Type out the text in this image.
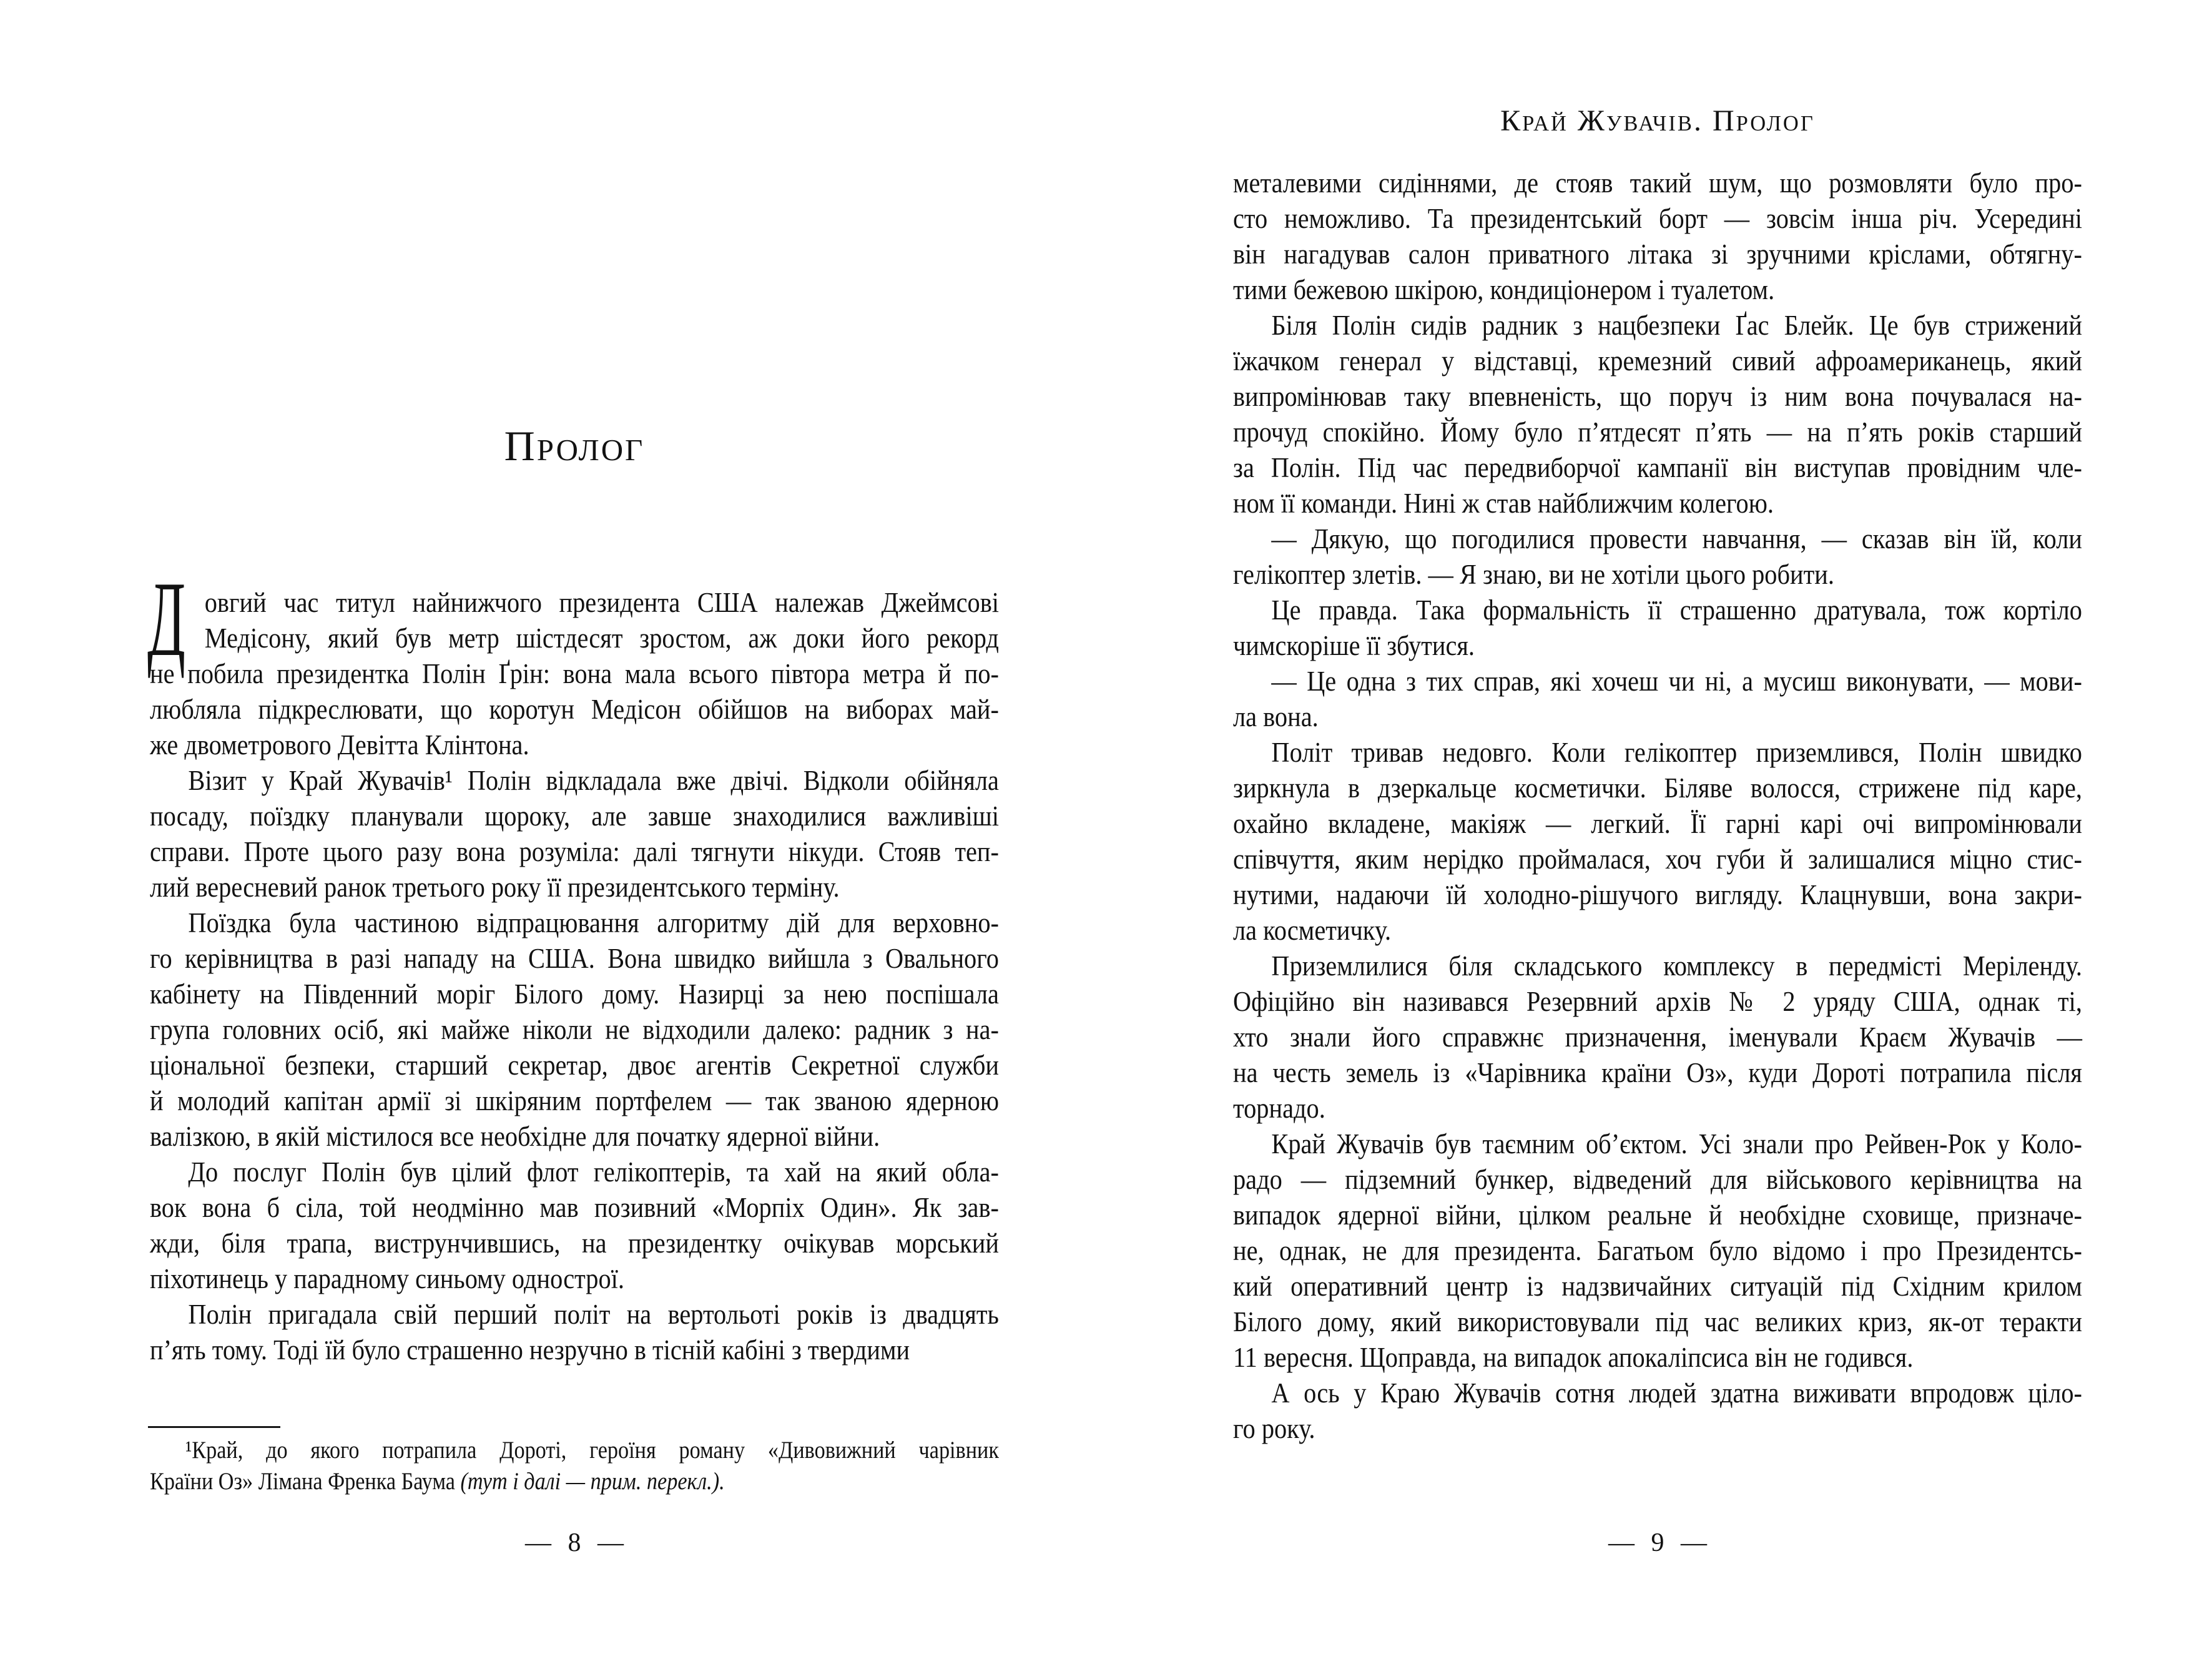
ПРОЛОГ
Д овгий час титул найнижчого президента США належав Джеймсові
Медісону, який був метр шістдесят зростом, аж доки його рекорд
не побила президентка Полін Ґрін: вона мала всього півтора метра й по-
любляла підкреслювати, що коротун Медісон обійшов на виборах май-
же двометрового Девітта Клінтона.
Візит у Край Жувачів¹ Полін відкладала вже двічі. Відколи обійняла
посаду, поїздку планували щороку, але завше знаходилися важливіші
справи. Проте цього разу вона розуміла: далі тягнути нікуди. Стояв теп-
лий вересневий ранок третього року її президентського терміну.
Поїздка була частиною відпрацювання алгоритму дій для верховно-
го керівництва в разі нападу на США. Вона швидко вийшла з Овального
кабінету на Південний моріг Білого дому. Назирці за нею поспішала
група головних осіб, які майже ніколи не відходили далеко: радник з на-
ціональної безпеки, старший секретар, двоє агентів Секретної служби
й молодий капітан армії зі шкіряним портфелем — так званою ядерною
валізкою, в якій містилося все необхідне для початку ядерної війни.
До послуг Полін був цілий флот гелікоптерів, та хай на який обла-
вок вона б сіла, той неодмінно мав позивний «Морпіх Один». Як зав-
жди, біля трапа, виструнчившись, на президентку очікував морський
піхотинець у парадному синьому однострої.
Полін пригадала свій перший політ на вертольоті років із двадцять
п’ять тому. Тоді їй було страшенно незручно в тісній кабіні з твердими
¹Край, до якого потрапила Дороті, героїня роману «Дивовижний чарівник
Країни Оз» Лімана Френка Баума (тут і далі — прим. перекл.).
— 8 —
КРАЙ ЖУВАЧІВ. ПРОЛОГ
металевими сидіннями, де стояв такий шум, що розмовляти було про-
сто неможливо. Та президентський борт — зовсім інша річ. Усередині
він нагадував салон приватного літака зі зручними кріслами, обтягну-
тими бежевою шкірою, кондиціонером і туалетом.
Біля Полін сидів радник з нацбезпеки Ґас Блейк. Це був стрижений
їжачком генерал у відставці, кремезний сивий афроамериканець, який
випромінював таку впевненість, що поруч із ним вона почувалася на-
прочуд спокійно. Йому було п’ятдесят п’ять — на п’ять років старший
за Полін. Під час передвиборчої кампанії він виступав провідним чле-
ном її команди. Нині ж став найближчим колегою.
— Дякую, що погодилися провести навчання, — сказав він їй, коли
гелікоптер злетів. — Я знаю, ви не хотіли цього робити.
Це правда. Така формальність її страшенно дратувала, тож кортіло
чимскоріше її збутися.
— Це одна з тих справ, які хочеш чи ні, а мусиш виконувати, — мови-
ла вона.
Політ тривав недовго. Коли гелікоптер приземлився, Полін швидко
зиркнула в дзеркальце косметички. Біляве волосся, стрижене під каре,
охайно вкладене, макіяж — легкий. Її гарні карі очі випромінювали
співчуття, яким нерідко проймалася, хоч губи й залишалися міцно стис-
нутими, надаючи їй холодно-рішучого вигляду. Клацнувши, вона закри-
ла косметичку.
Приземлилися біля складського комплексу в передмісті Меріленду.
Офіційно він називався Резервний архів № 2 уряду США, однак ті,
хто знали його справжнє призначення, іменували Краєм Жувачів —
на честь земель із «Чарівника країни Оз», куди Дороті потрапила після
торнадо.
Край Жувачів був таємним об’єктом. Усі знали про Рейвен-Рок у Коло-
радо — підземний бункер, відведений для військового керівництва на
випадок ядерної війни, цілком реальне й необхідне сховище, призначе-
не, однак, не для президента. Багатьом було відомо і про Президентсь-
кий оперативний центр із надзвичайних ситуацій під Східним крилом
Білого дому, який використовували під час великих криз, як-от теракти
11 вересня. Щоправда, на випадок апокаліпсиса він не годився.
А ось у Краю Жувачів сотня людей здатна виживати впродовж ціло-
го року.
— 9 —
